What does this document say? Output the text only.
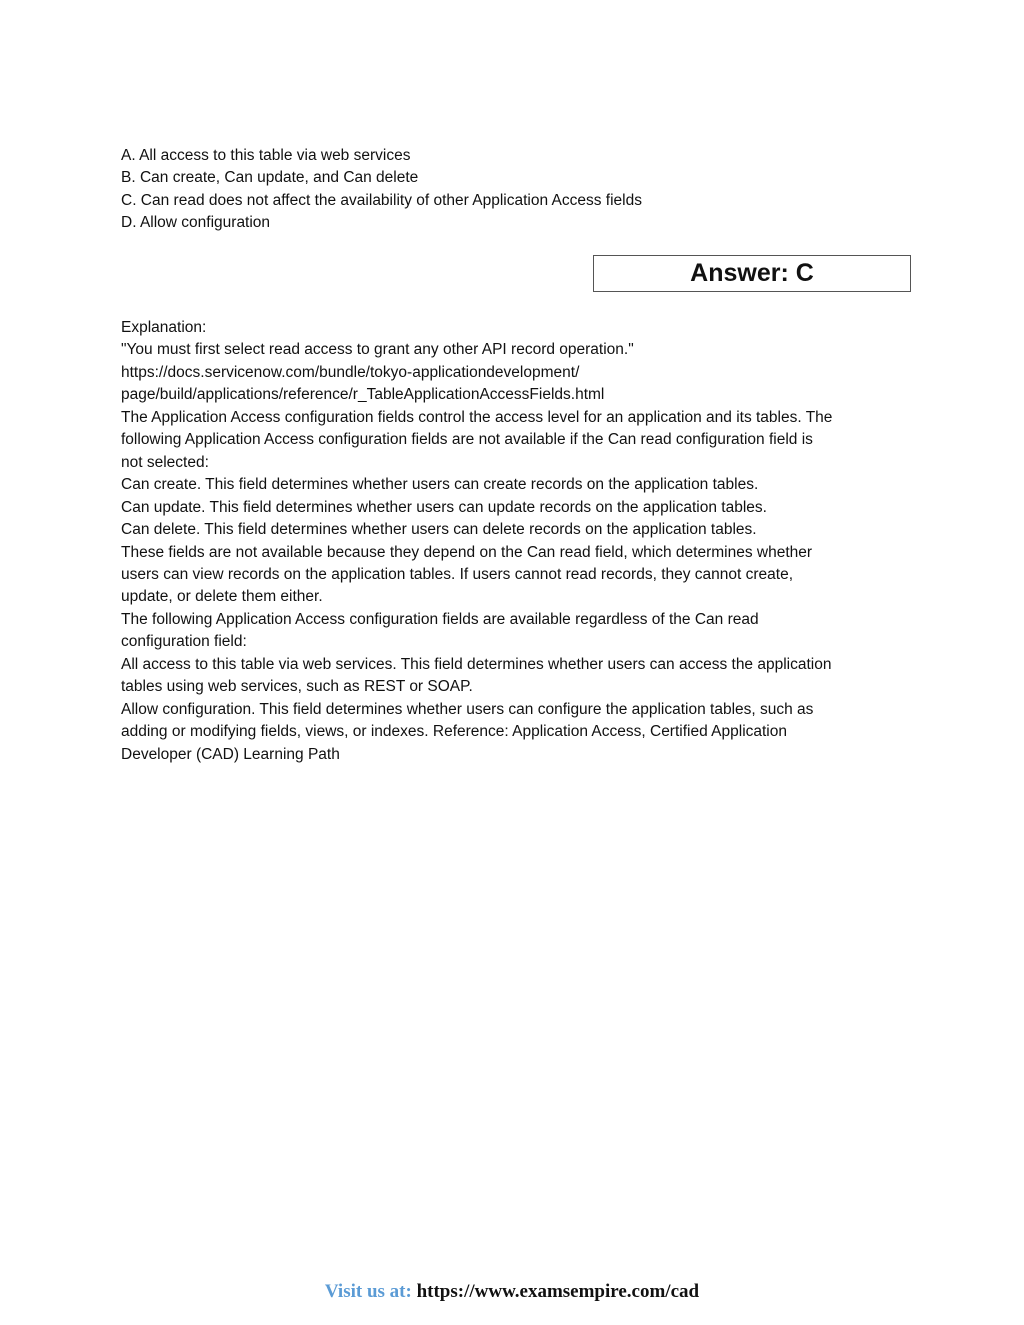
A. All access to this table via web services
B. Can create, Can update, and Can delete
C. Can read does not affect the availability of other Application Access fields
D. Allow configuration
Answer: C
Explanation:
"You must first select read access to grant any other API record operation."
https://docs.servicenow.com/bundle/tokyo-applicationdevelopment/
page/build/applications/reference/r_TableApplicationAccessFields.html
The Application Access configuration fields control the access level for an application and its tables. The
following Application Access configuration fields are not available if the Can read configuration field is
not selected:
Can create. This field determines whether users can create records on the application tables.
Can update. This field determines whether users can update records on the application tables.
Can delete. This field determines whether users can delete records on the application tables.
These fields are not available because they depend on the Can read field, which determines whether
users can view records on the application tables. If users cannot read records, they cannot create,
update, or delete them either.
The following Application Access configuration fields are available regardless of the Can read
configuration field:
All access to this table via web services. This field determines whether users can access the application
tables using web services, such as REST or SOAP.
Allow configuration. This field determines whether users can configure the application tables, such as
adding or modifying fields, views, or indexes. Reference: Application Access, Certified Application
Developer (CAD) Learning Path
Visit us at: https://www.examsempire.com/cad
